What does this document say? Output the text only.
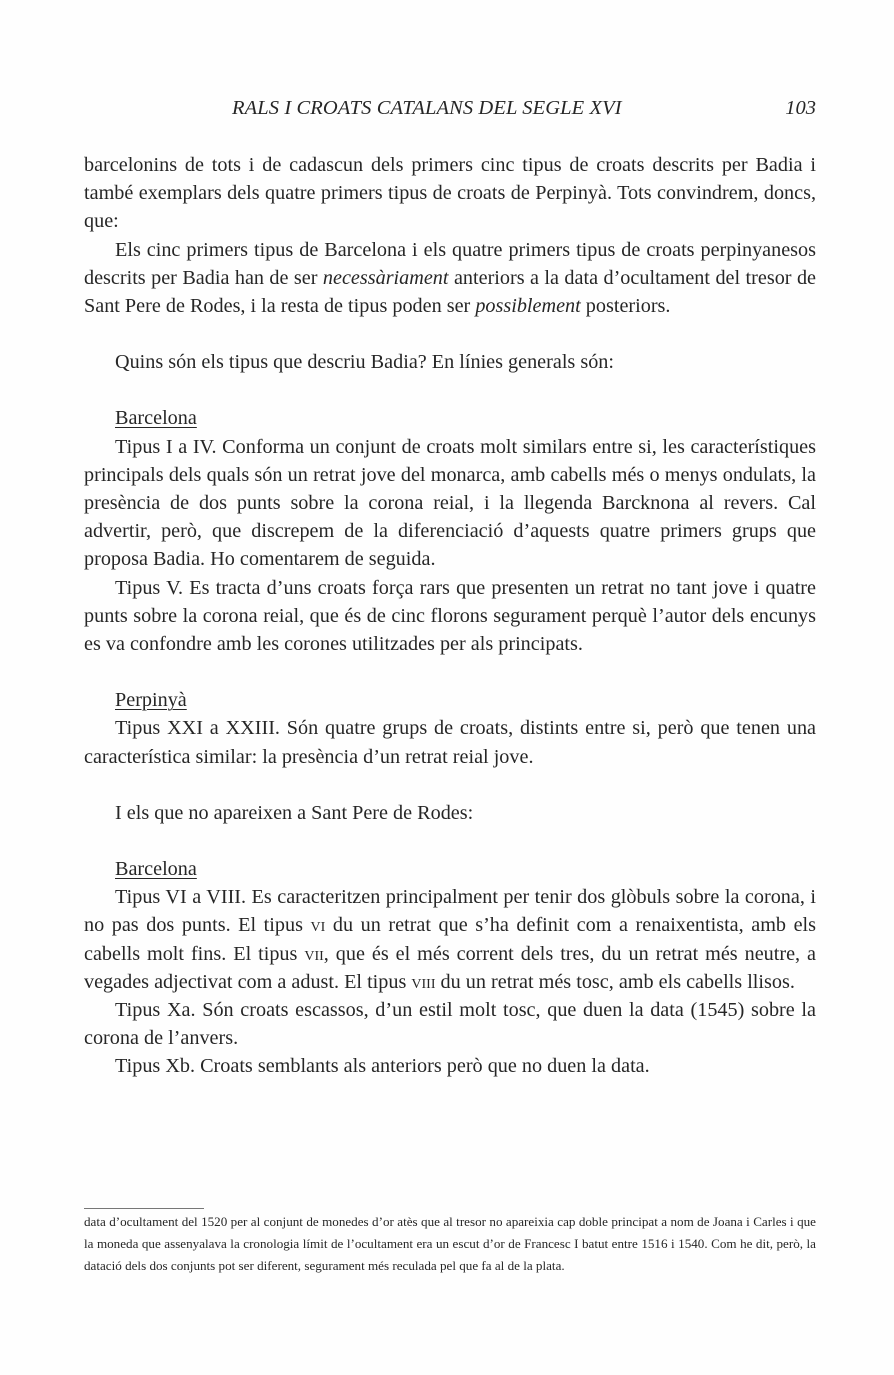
RALS I CROATS CATALANS DEL SEGLE XVI	103

barcelonins de tots i de cadascun dels primers cinc tipus de croats descrits per Badia i també exemplars dels quatre primers tipus de croats de Perpinyà. Tots convindrem, doncs, que:

Els cinc primers tipus de Barcelona i els quatre primers tipus de croats perpinyanesos descrits per Badia han de ser necessàriament anteriors a la data d’ocultament del tresor de Sant Pere de Rodes, i la resta de tipus poden ser possiblement posteriors.

Quins són els tipus que descriu Badia? En línies generals són:

Barcelona

Tipus I a IV. Conforma un conjunt de croats molt similars entre si, les característiques principals dels quals són un retrat jove del monarca, amb cabells més o menys ondulats, la presència de dos punts sobre la corona reial, i la llegenda Barcknona al revers. Cal advertir, però, que discrepem de la diferenciació d’aquests quatre primers grups que proposa Badia. Ho comentarem de seguida.

Tipus V. Es tracta d’uns croats força rars que presenten un retrat no tant jove i quatre punts sobre la corona reial, que és de cinc florons segurament perquè l’autor dels encunys es va confondre amb les corones utilitzades per als principats.

Perpinyà

Tipus XXI a XXIII. Són quatre grups de croats, distints entre si, però que tenen una característica similar: la presència d’un retrat reial jove.

I els que no apareixen a Sant Pere de Rodes:

Barcelona

Tipus VI a VIII. Es caracteritzen principalment per tenir dos glòbuls sobre la corona, i no pas dos punts. El tipus vi du un retrat que s’ha definit com a renaixentista, amb els cabells molt fins. El tipus vii, que és el més corrent dels tres, du un retrat més neutre, a vegades adjectivat com a adust. El tipus viii du un retrat més tosc, amb els cabells llisos.

Tipus Xa. Són croats escassos, d’un estil molt tosc, que duen la data (1545) sobre la corona de l’anvers.

Tipus Xb. Croats semblants als anteriors però que no duen la data.

data d’ocultament del 1520 per al conjunt de monedes d’or atès que al tresor no apareixia cap doble principat a nom de Joana i Carles i que la moneda que assenyalava la cronologia límit de l’ocultament era un escut d’or de Francesc I batut entre 1516 i 1540. Com he dit, però, la datació dels dos conjunts pot ser diferent, segurament més reculada pel que fa al de la plata.
